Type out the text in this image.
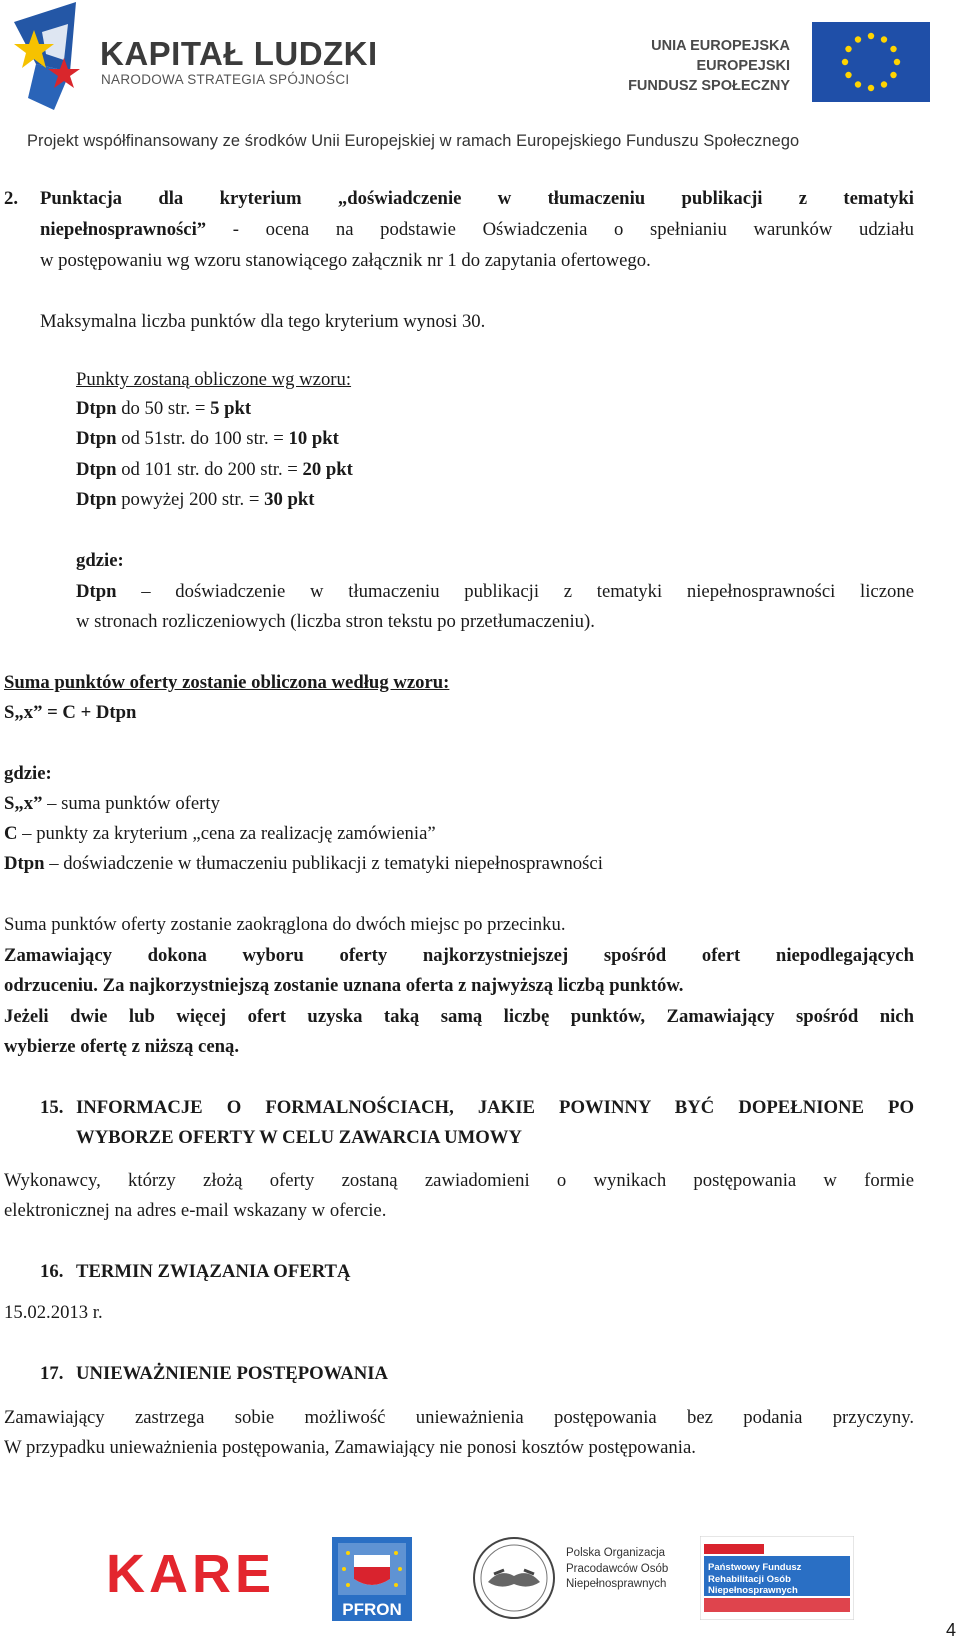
KAPITAŁ LUDZKI
NARODOWA STRATEGIA SPÓJNOŚCI
UNIA EUROPEJSKA
EUROPEJSKI
FUNDUSZ SPOŁECZNY
Projekt współfinansowany ze środków Unii Europejskiej w ramach Europejskiego Funduszu Społecznego
2. Punktacja dla kryterium „doświadczenie w tłumaczeniu publikacji z tematyki
niepełnosprawności” - ocena na podstawie Oświadczenia o spełnianiu warunków udziału
w postępowaniu wg wzoru stanowiącego załącznik nr 1 do zapytania ofertowego.
Maksymalna liczba punktów dla tego kryterium wynosi 30.
Punkty zostaną obliczone wg wzoru:
Dtpn do 50 str. = 5 pkt
Dtpn od 51str. do 100 str. = 10 pkt
Dtpn od 101 str. do 200 str. = 20 pkt
Dtpn powyżej 200 str. = 30 pkt
gdzie:
Dtpn – doświadczenie w tłumaczeniu publikacji z tematyki niepełnosprawności liczone
w stronach rozliczeniowych (liczba stron tekstu po przetłumaczeniu).
Suma punktów oferty zostanie obliczona według wzoru:
S„x” = C + Dtpn
gdzie:
S„x” – suma punktów oferty
C – punkty za kryterium „cena za realizację zamówienia”
Dtpn – doświadczenie w tłumaczeniu publikacji z tematyki niepełnosprawności
Suma punktów oferty zostanie zaokrąglona do dwóch miejsc po przecinku.
Zamawiający dokona wyboru oferty najkorzystniejszej spośród ofert niepodlegających
odrzuceniu. Za najkorzystniejszą zostanie uznana oferta z najwyższą liczbą punktów.
Jeżeli dwie lub więcej ofert uzyska taką samą liczbę punktów, Zamawiający spośród nich
wybierze ofertę z niższą ceną.
15. INFORMACJE O FORMALNOŚCIACH, JAKIE POWINNY BYĆ DOPEŁNIONE PO
WYBORZE OFERTY W CELU ZAWARCIA UMOWY
Wykonawcy, którzy złożą oferty zostaną zawiadomieni o wynikach postępowania w formie
elektronicznej na adres e-mail wskazany w ofercie.
16. TERMIN ZWIĄZANIA OFERTĄ
15.02.2013 r.
17. UNIEWAŻNIENIE POSTĘPOWANIA
Zamawiający zastrzega sobie możliwość unieważnienia postępowania bez podania przyczyny.
W przypadku unieważnienia postępowania, Zamawiający nie ponosi kosztów postępowania.
KARE
PFRON
Polska Organizacja
Pracodawców Osób
Niepełnosprawnych
Państwowy Fundusz
Rehabilitacji Osób
Niepełnosprawnych
4
